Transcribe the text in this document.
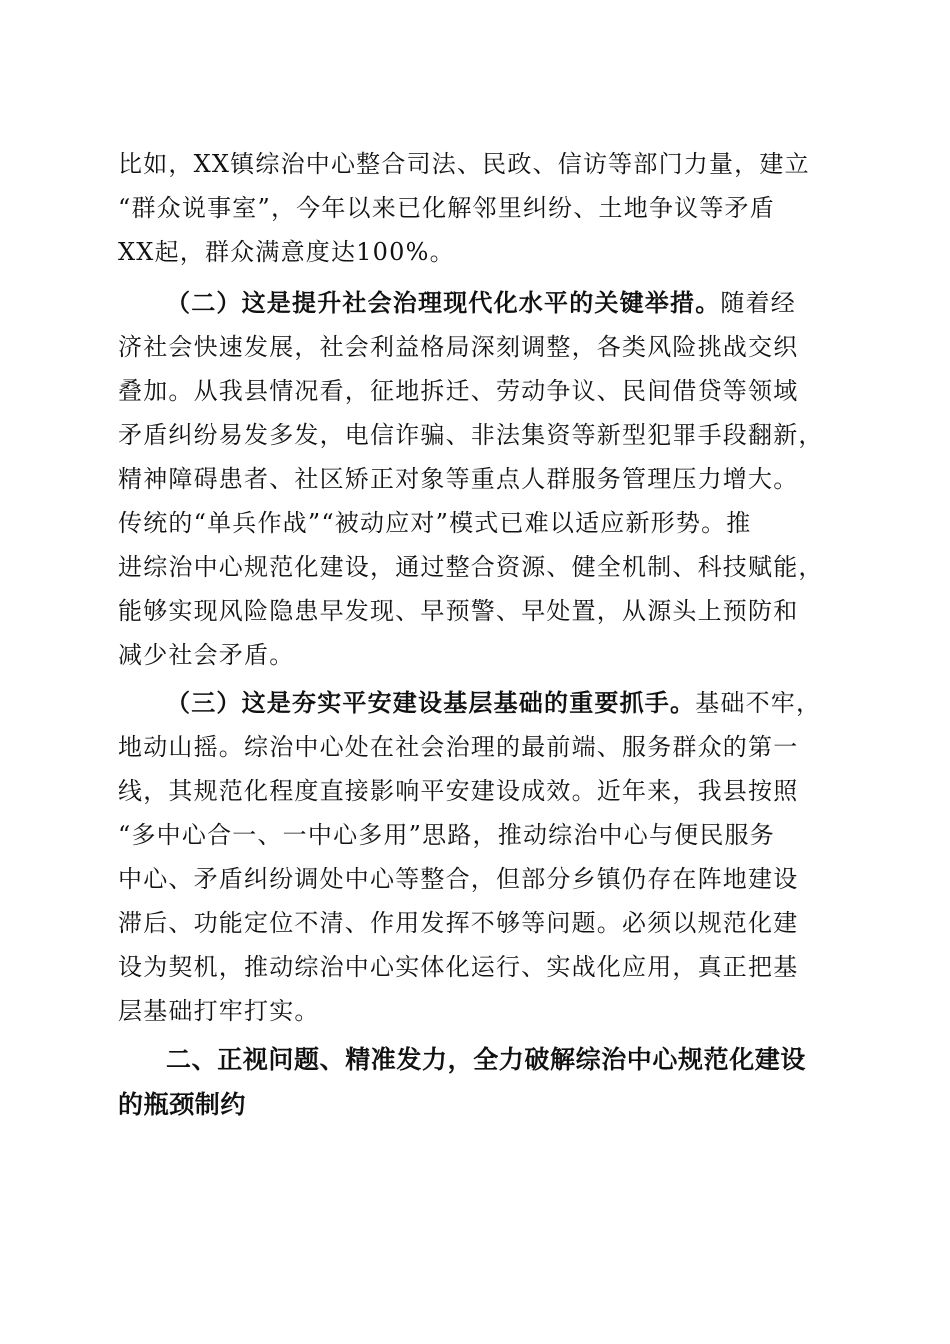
比如，XX镇综治中心整合司法、民政、信访等部门力量，建立
“群众说事室”，今年以来已化解邻里纠纷、土地争议等矛盾
XX起，群众满意度达100%。
（二）这是提升社会治理现代化水平的关键举措。随着经
济社会快速发展，社会利益格局深刻调整，各类风险挑战交织
叠加。从我县情况看，征地拆迁、劳动争议、民间借贷等领域
矛盾纠纷易发多发，电信诈骗、非法集资等新型犯罪手段翻新，
精神障碍患者、社区矫正对象等重点人群服务管理压力增大。
传统的“单兵作战”“被动应对”模式已难以适应新形势。推
进综治中心规范化建设，通过整合资源、健全机制、科技赋能，
能够实现风险隐患早发现、早预警、早处置，从源头上预防和
减少社会矛盾。
（三）这是夯实平安建设基层基础的重要抓手。基础不牢，
地动山摇。综治中心处在社会治理的最前端、服务群众的第一
线，其规范化程度直接影响平安建设成效。近年来，我县按照
“多中心合一、一中心多用”思路，推动综治中心与便民服务
中心、矛盾纠纷调处中心等整合，但部分乡镇仍存在阵地建设
滞后、功能定位不清、作用发挥不够等问题。必须以规范化建
设为契机，推动综治中心实体化运行、实战化应用，真正把基
层基础打牢打实。
二、正视问题、精准发力，全力破解综治中心规范化建设
的瓶颈制约
